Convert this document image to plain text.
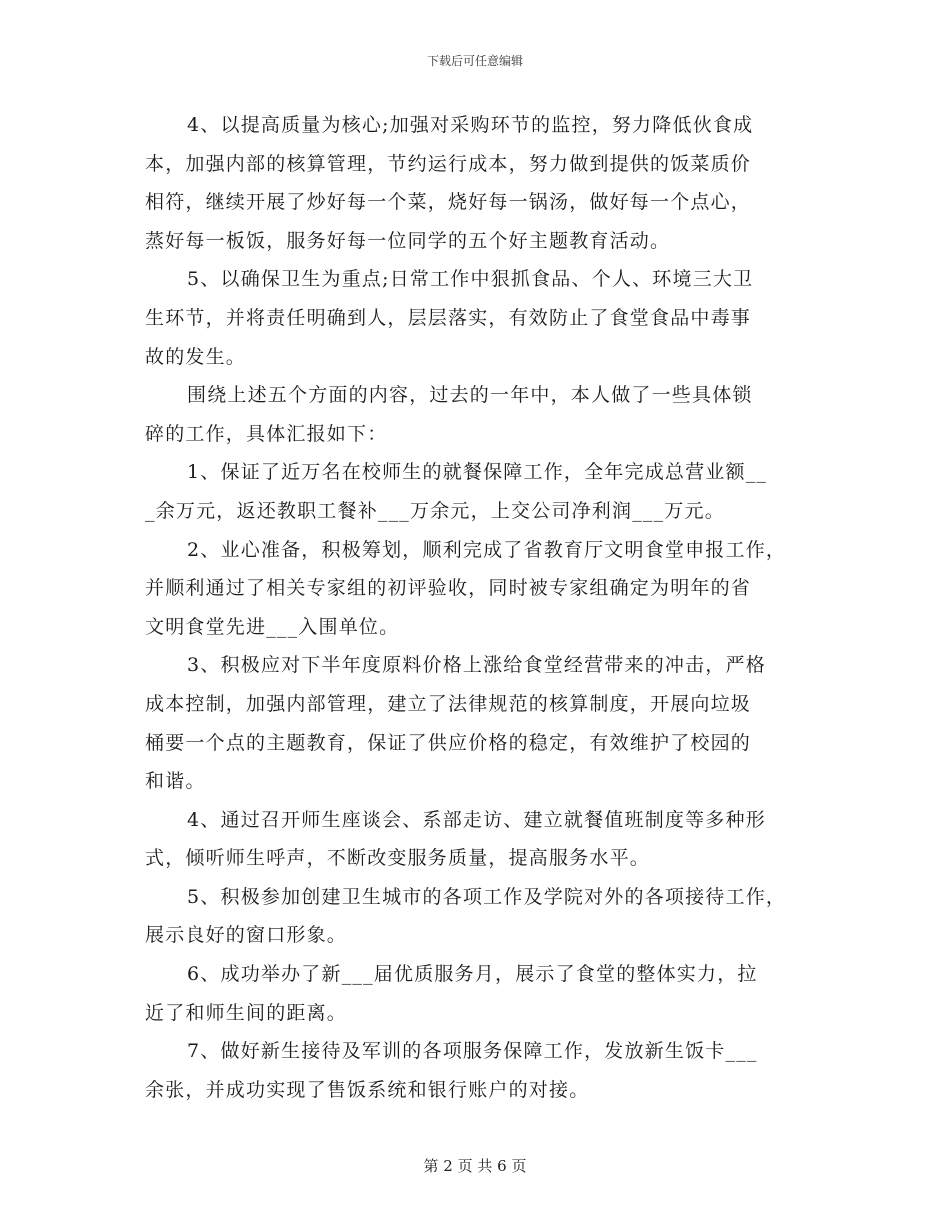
下载后可任意编辑
4、以提高质量为核心;加强对采购环节的监控，努力降低伙食成
本，加强内部的核算管理，节约运行成本，努力做到提供的饭菜质价
相符，继续开展了炒好每一个菜，烧好每一锅汤，做好每一个点心，
蒸好每一板饭，服务好每一位同学的五个好主题教育活动。
5、以确保卫生为重点;日常工作中狠抓食品、个人、环境三大卫
生环节，并将责任明确到人，层层落实，有效防止了食堂食品中毒事
故的发生。
围绕上述五个方面的内容，过去的一年中，本人做了一些具体锁
碎的工作，具体汇报如下：
1、保证了近万名在校师生的就餐保障工作，全年完成总营业额__
_余万元，返还教职工餐补___万余元，上交公司净利润___万元。
2、业心准备，积极筹划，顺利完成了省教育厅文明食堂申报工作，
并顺利通过了相关专家组的初评验收，同时被专家组确定为明年的省
文明食堂先进___入围单位。
3、积极应对下半年度原料价格上涨给食堂经营带来的冲击，严格
成本控制，加强内部管理，建立了法律规范的核算制度，开展向垃圾
桶要一个点的主题教育，保证了供应价格的稳定，有效维护了校园的
和谐。
4、通过召开师生座谈会、系部走访、建立就餐值班制度等多种形
式，倾听师生呼声，不断改变服务质量，提高服务水平。
5、积极参加创建卫生城市的各项工作及学院对外的各项接待工作，
展示良好的窗口形象。
6、成功举办了新___届优质服务月，展示了食堂的整体实力，拉
近了和师生间的距离。
7、做好新生接待及军训的各项服务保障工作，发放新生饭卡___
余张，并成功实现了售饭系统和银行账户的对接。
第 2 页 共 6 页
